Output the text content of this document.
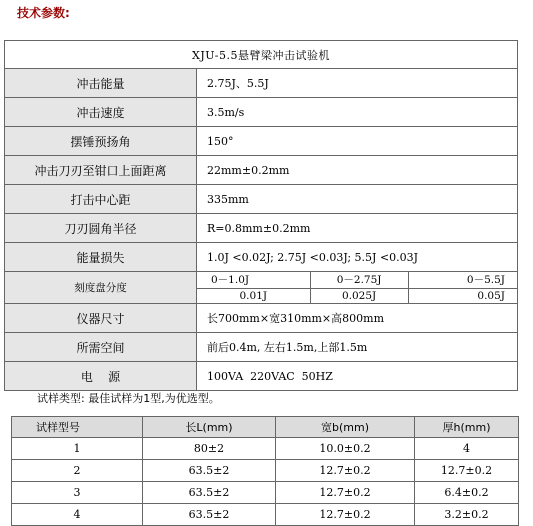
技术参数:
XJU-5.5悬臂梁冲击试验机			
冲击能量	2.75J、5.5J		
冲击速度	3.5m/s		
摆锤预扬角	150°		
冲击刀刃至钳口上面距离	22mm±0.2mm		
打击中心距	335mm		
刀刃圆角半径	R=0.8mm±0.2mm		
能量损失	1.0J <0.02J; 2.75J <0.03J; 5.5J <0.03J		
刻度盘分度	0－1.0J	0－2.75J	0－5.5J
	0.01J	0.025J	0.05J
仪器尺寸	长700mm×宽310mm×高800mm		
所需空间	前后0.4m, 左右1.5m,上部1.5m		
电    源	100VA  220VAC  50HZ		
试样类型: 最佳试样为1型,为优选型。
试样型号	长L(mm)	宽b(mm)	厚h(mm)
1	80±2	10.0±0.2	4
2	63.5±2	12.7±0.2	12.7±0.2
3	63.5±2	12.7±0.2	6.4±0.2
4	63.5±2	12.7±0.2	3.2±0.2
